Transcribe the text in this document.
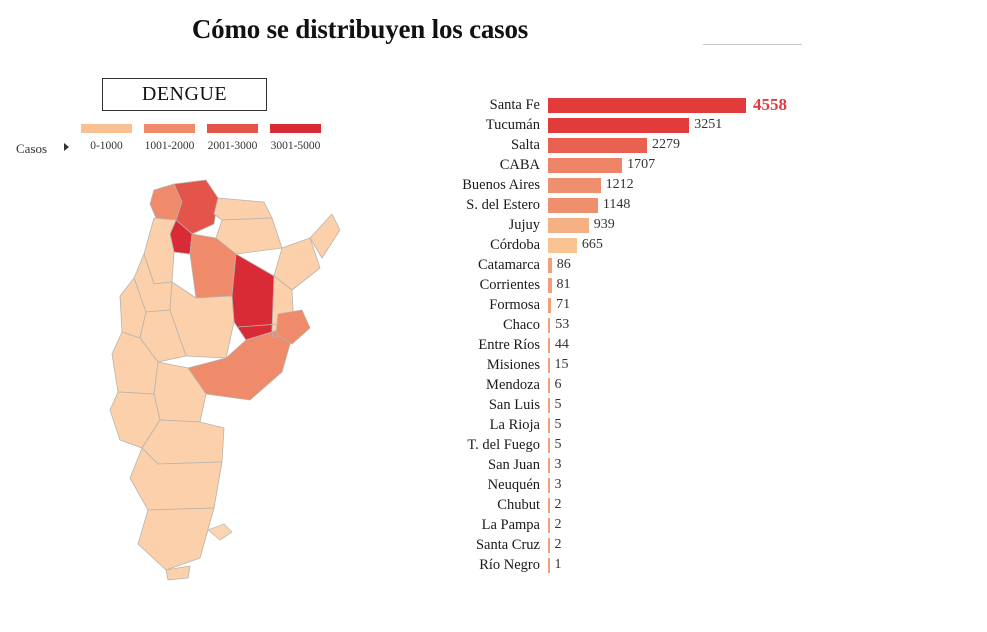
Cómo se distribuyen los casos
DENGUE
Casos	0-1000	1001-2000	2001-3000	3001-5000
Santa Fe	4558
Tucumán	3251
Salta	2279
CABA	1707
Buenos Aires	1212
S. del Estero	1148
Jujuy	939
Córdoba	665
Catamarca	86
Corrientes	81
Formosa	71
Chaco	53
Entre Ríos	44
Misiones	15
Mendoza	6
San Luis	5
La Rioja	5
T. del Fuego	5
San Juan	3
Neuquén	3
Chubut	2
La Pampa	2
Santa Cruz	2
Río Negro	1
